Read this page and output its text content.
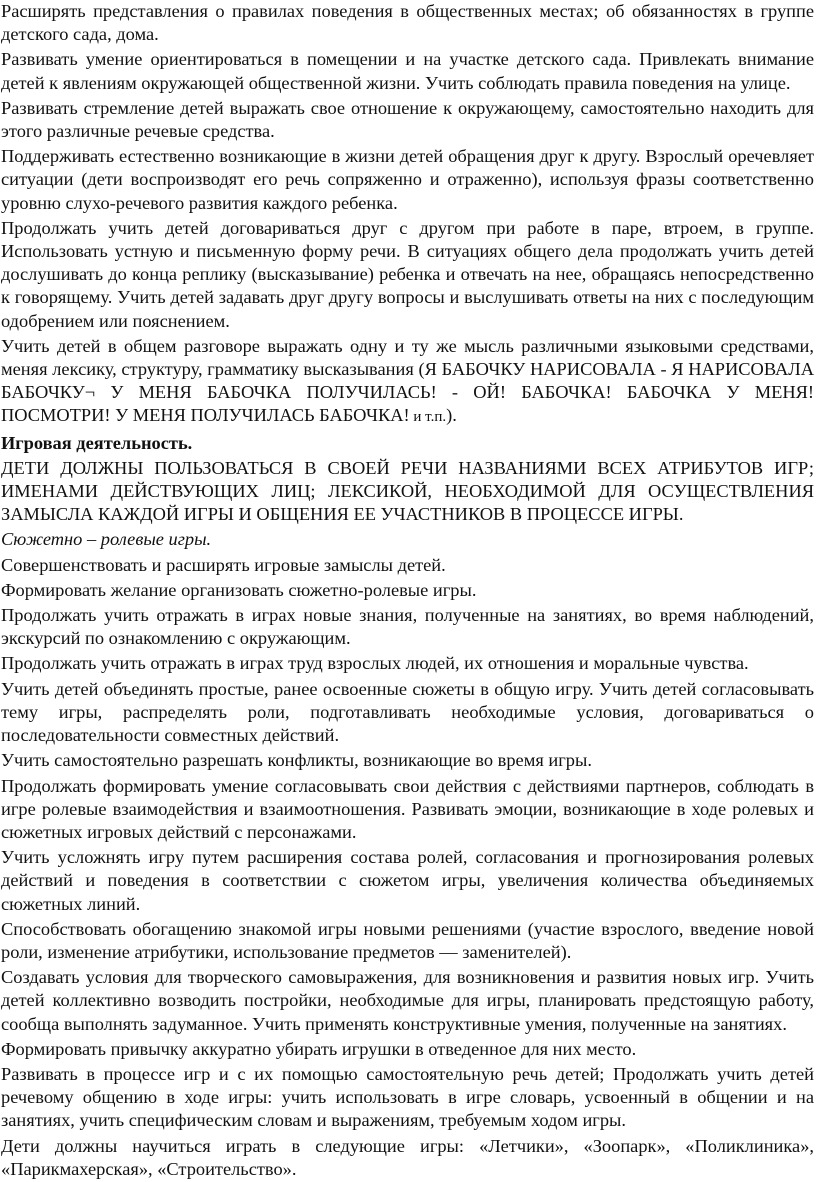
Расширять представления о правилах поведения в общественных местах; об обязанностях в группе детского сада, дома.

Развивать умение ориентироваться в помещении и на участке детского сада. Привлекать внимание детей к явлениям окружающей общественной жизни. Учить соблюдать правила поведения на улице.

Развивать стремление детей выражать свое отношение к окружающему, самостоятельно находить для этого различные речевые средства.

Поддерживать естественно возникающие в жизни детей обращения друг к другу. Взрослый оречевляет ситуации (дети воспроизводят его речь сопряженно и отраженно), используя фразы соответственно уровню слухо-речевого развития каждого ребенка.

Продолжать учить детей договариваться друг с другом при работе в паре, втроем, в группе. Использовать устную и письменную форму речи. В ситуациях общего дела продолжать учить детей дослушивать до конца реплику (высказывание) ребенка и отвечать на нее, обращаясь непосредственно к говорящему. Учить детей задавать друг другу вопросы и выслушивать ответы на них с последующим одобрением или пояснением.

Учить детей в общем разговоре выражать одну и ту же мысль различными языковыми средствами, меняя лексику, структуру, грамматику высказывания (Я БАБОЧКУ НАРИСОВАЛА - Я НАРИСОВАЛА БАБОЧКУ¬ У МЕНЯ БАБОЧКА ПОЛУЧИЛАСЬ! - ОЙ! БАБОЧКА! БАБОЧКА У МЕНЯ! ПОСМОТРИ! У МЕНЯ ПОЛУЧИЛАСЬ БАБОЧКА! и т.п.).

Игровая деятельность.

ДЕТИ ДОЛЖНЫ ПОЛЬЗОВАТЬСЯ В СВОЕЙ РЕЧИ НАЗВАНИЯМИ ВСЕХ АТРИБУТОВ ИГР; ИМЕНАМИ ДЕЙСТВУЮЩИХ ЛИЦ; ЛЕКСИКОЙ, НЕОБХОДИМОЙ ДЛЯ ОСУЩЕСТВЛЕНИЯ ЗАМЫСЛА КАЖДОЙ ИГРЫ И ОБЩЕНИЯ ЕЕ УЧАСТНИКОВ В ПРОЦЕССЕ ИГРЫ.

Сюжетно – ролевые игры.

Совершенствовать и расширять игровые замыслы детей.

Формировать желание организовать сюжетно-ролевые игры.

Продолжать учить отражать в играх новые знания, полученные на занятиях, во время наблюдений, экскурсий по ознакомлению с окружающим.

Продолжать учить отражать в играх труд взрослых людей, их отношения и моральные чувства.

Учить детей объединять простые, ранее освоенные сюжеты в общую игру. Учить детей согласовывать тему игры, распределять роли, подготавливать необходимые условия, договариваться о последовательности совместных действий.

Учить самостоятельно разрешать конфликты, возникающие во время игры.

Продолжать формировать умение согласовывать свои действия с действиями партнеров, соблюдать в игре ролевые взаимодействия и взаимоотношения. Развивать эмоции, возникающие в ходе ролевых и сюжетных игровых действий с персонажами.

Учить усложнять игру путем расширения состава ролей, согласования и прогнозирования ролевых действий и поведения в соответствии с сюжетом игры, увеличения количества объединяемых сюжетных линий.

Способствовать обогащению знакомой игры новыми решениями (участие взрослого, введение новой роли, изменение атрибутики, использование предметов — заменителей).

Создавать условия для творческого самовыражения, для возникновения и развития новых игр. Учить детей коллективно возводить постройки, необходимые для игры, планировать предстоящую работу, сообща выполнять задуманное. Учить применять конструктивные умения, полученные на занятиях.

Формировать привычку аккуратно убирать игрушки в отведенное для них место.

Развивать в процессе игр и с их помощью самостоятельную речь детей; Продолжать учить детей речевому общению в ходе игры: учить использовать в игре словарь, усвоенный в общении и на занятиях, учить специфическим словам и выражениям, требуемым ходом игры.

Дети должны научиться играть в следующие игры: «Летчики», «Зоопарк», «Поликлиника», «Парикмахерская», «Строительство».
